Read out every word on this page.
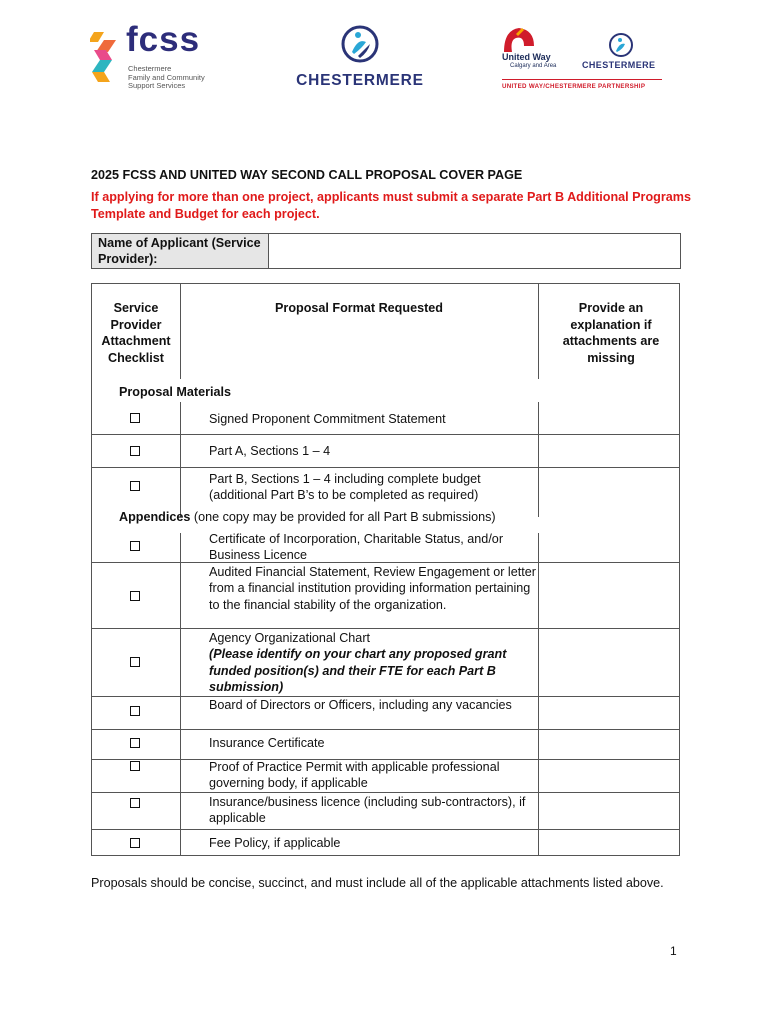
fcss
Chestermere
Family and Community
Support Services	CHESTERMERE
United Way
Calgary and Area	CHESTERMERE
UNITED WAY/CHESTERMERE PARTNERSHIP
2025 FCSS AND UNITED WAY SECOND CALL PROPOSAL COVER PAGE
If applying for more than one project, applicants must submit a separate Part B Additional Programs Template and Budget for each project.
Name of Applicant (Service Provider):
Service Provider Attachment Checklist
Proposal Format Requested	Provide an explanation if attachments are missing
Proposal Materials
Signed Proponent Commitment Statement
Part A, Sections 1 – 4
Part B, Sections 1 – 4 including complete budget (additional Part B’s to be completed as required)
Appendices (one copy may be provided for all Part B submissions)
Certificate of Incorporation, Charitable Status, and/or Business Licence
Audited Financial Statement, Review Engagement or letter from a financial institution providing information pertaining to the financial stability of the organization.
Agency Organizational Chart
(Please identify on your chart any proposed grant funded position(s) and their FTE for each Part B submission)
Board of Directors or Officers, including any vacancies
Insurance Certificate
Proof of Practice Permit with applicable professional governing body, if applicable
Insurance/business licence (including sub-contractors), if applicable
Fee Policy, if applicable
Proposals should be concise, succinct, and must include all of the applicable attachments listed above.
1
